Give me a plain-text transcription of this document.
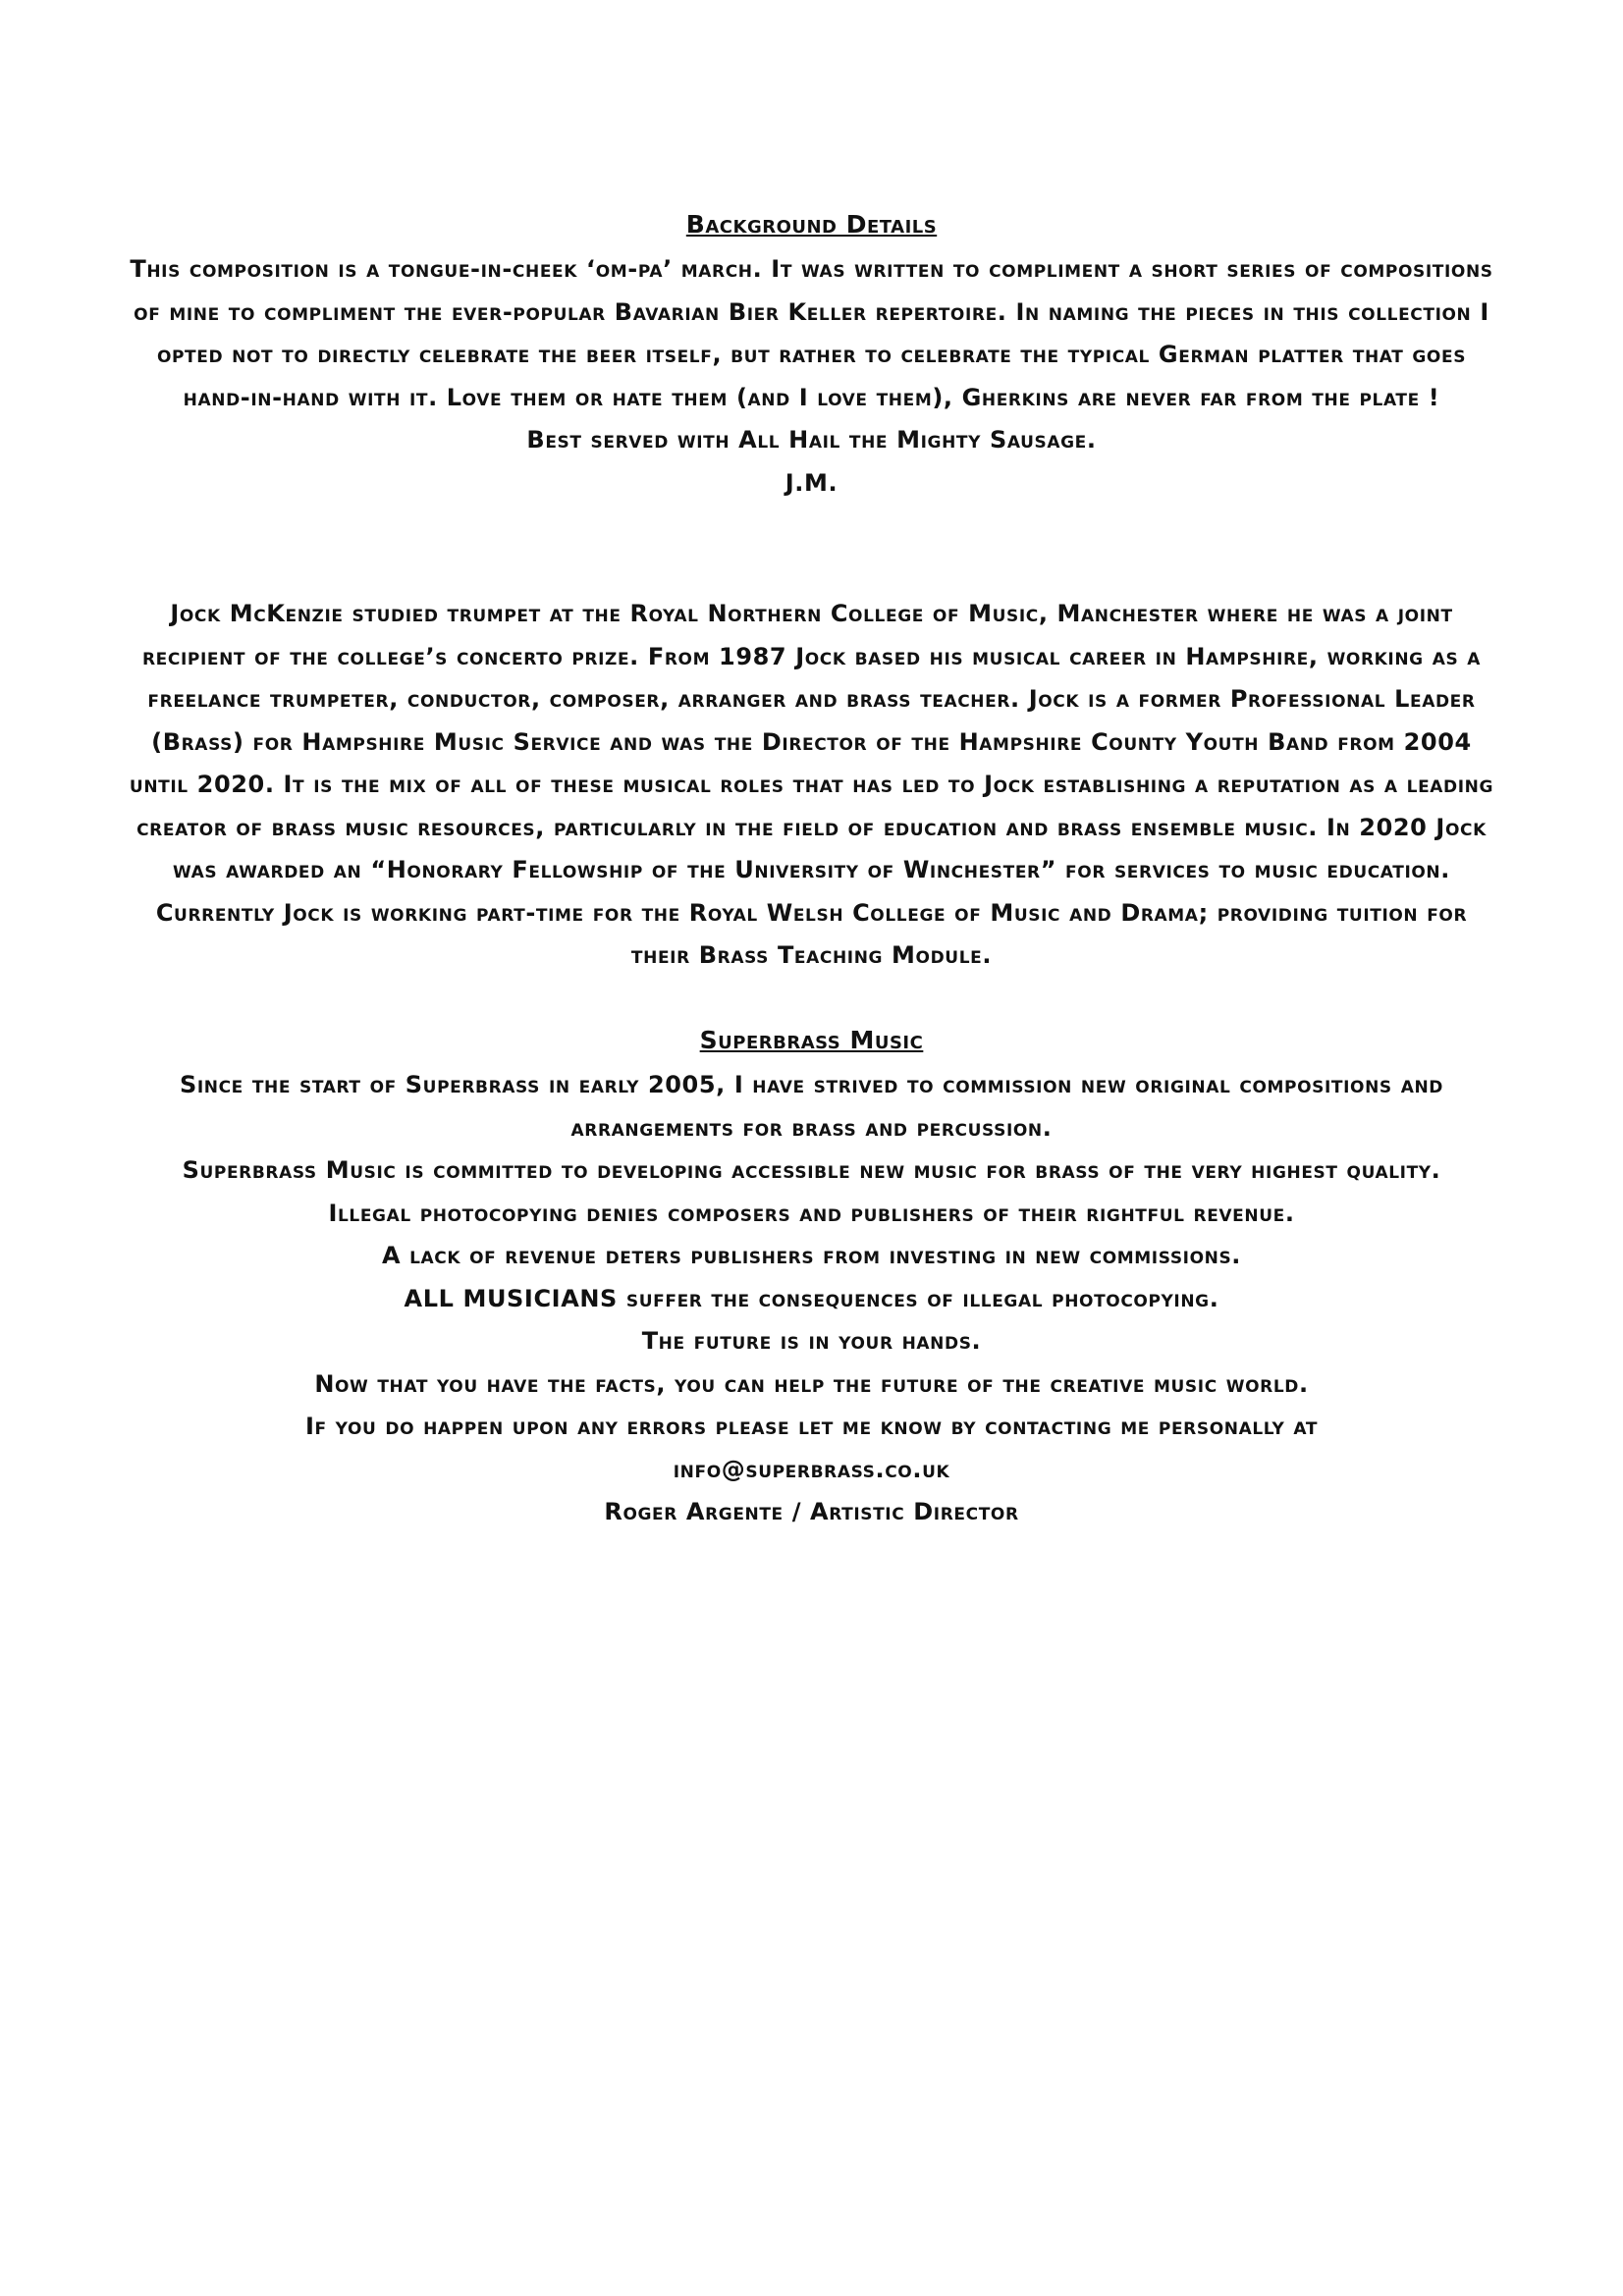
Background Details

This composition is a tongue-in-cheek ‘om-pa’ march. It was written to compliment a short series of compositions of mine to compliment the ever-popular Bavarian Bier Keller repertoire. In naming the pieces in this collection I opted not to directly celebrate the beer itself, but rather to celebrate the typical German platter that goes hand-in-hand with it. Love them or hate them (and I love them), Gherkins are never far from the plate !

Best served with All Hail the Mighty Sausage.
J.M.

Jock McKenzie studied trumpet at the Royal Northern College of Music, Manchester where he was a joint recipient of the college’s concerto prize. From 1987 Jock based his musical career in Hampshire, working as a freelance trumpeter, conductor, composer, arranger and brass teacher. Jock is a former Professional Leader (Brass) for Hampshire Music Service and was the Director of the Hampshire County Youth Band from 2004 until 2020. It is the mix of all of these musical roles that has led to Jock establishing a reputation as a leading creator of brass music resources, particularly in the field of education and brass ensemble music. In 2020 Jock was awarded an “Honorary Fellowship of the University of Winchester” for services to music education. Currently Jock is working part-time for the Royal Welsh College of Music and Drama; providing tuition for their Brass Teaching Module.

Superbrass Music

Since the start of Superbrass in early 2005, I have strived to commission new original compositions and arrangements for brass and percussion.

Superbrass Music is committed to developing accessible new music for brass of the very highest quality.
Illegal photocopying denies composers and publishers of their rightful revenue.
A lack of revenue deters publishers from investing in new commissions.
ALL MUSICIANS suffer the consequences of illegal photocopying.
The future is in your hands.
Now that you have the facts, you can help the future of the creative music world.
If you do happen upon any errors please let me know by contacting me personally at
info@superbrass.co.uk
Roger Argente / Artistic Director
